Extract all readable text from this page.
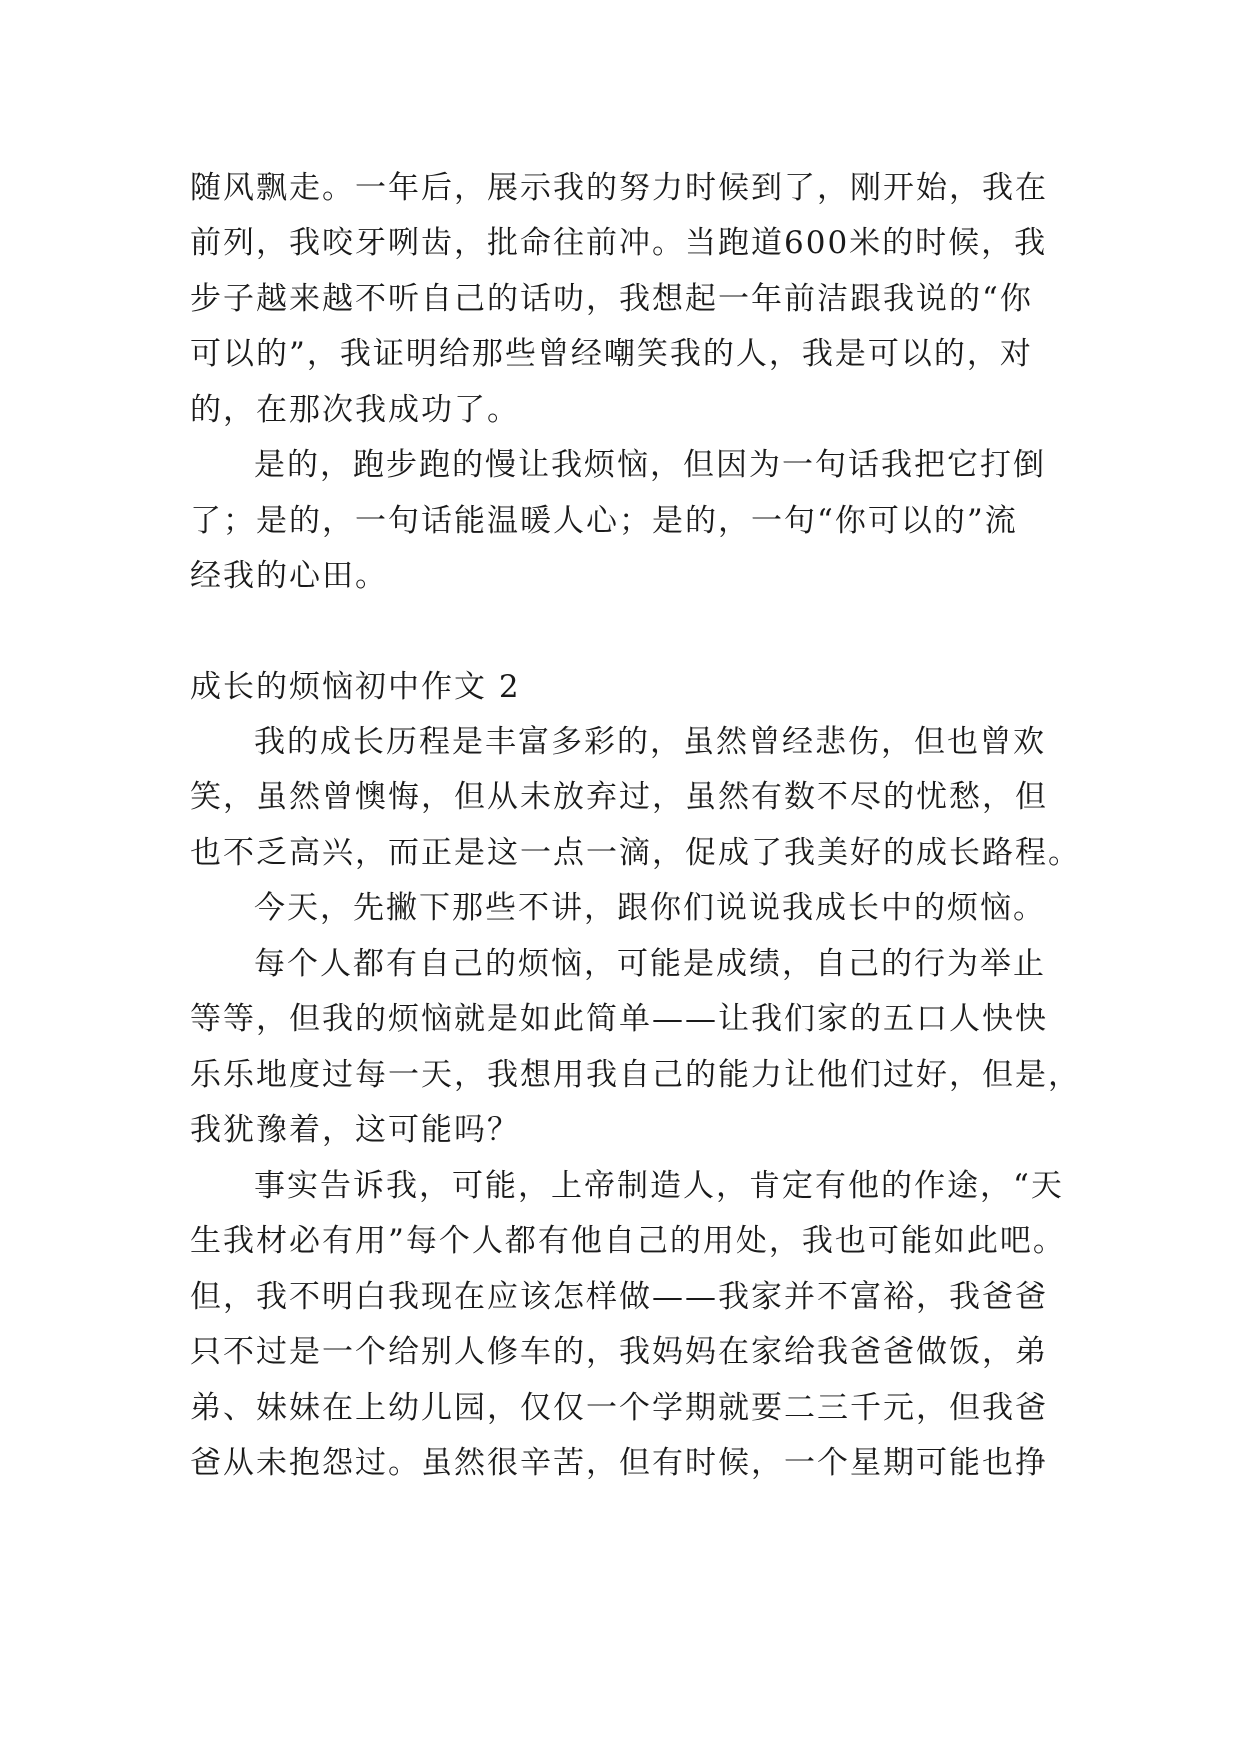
随风飘走。一年后，展示我的努力时候到了，刚开始，我在
前列，我咬牙咧齿，批命往前冲。当跑道600米的时候，我
步子越来越不听自己的话叻，我想起一年前洁跟我说的“你
可以的”，我证明给那些曾经嘲笑我的人，我是可以的，对
的，在那次我成功了。
是的，跑步跑的慢让我烦恼，但因为一句话我把它打倒
了；是的，一句话能温暖人心；是的，一句“你可以的”流
经我的心田。
成长的烦恼初中作文 2
我的成长历程是丰富多彩的，虽然曾经悲伤，但也曾欢
笑，虽然曾懊悔，但从未放弃过，虽然有数不尽的忧愁，但
也不乏高兴，而正是这一点一滴，促成了我美好的成长路程。
今天，先撇下那些不讲，跟你们说说我成长中的烦恼。
每个人都有自己的烦恼，可能是成绩，自己的行为举止
等等，但我的烦恼就是如此简单——让我们家的五口人快快
乐乐地度过每一天，我想用我自己的能力让他们过好，但是，
我犹豫着，这可能吗？
事实告诉我，可能，上帝制造人，肯定有他的作途，“天
生我材必有用”每个人都有他自己的用处，我也可能如此吧。
但，我不明白我现在应该怎样做——我家并不富裕，我爸爸
只不过是一个给别人修车的，我妈妈在家给我爸爸做饭，弟
弟、妹妹在上幼儿园，仅仅一个学期就要二三千元，但我爸
爸从未抱怨过。虽然很辛苦，但有时候，一个星期可能也挣
